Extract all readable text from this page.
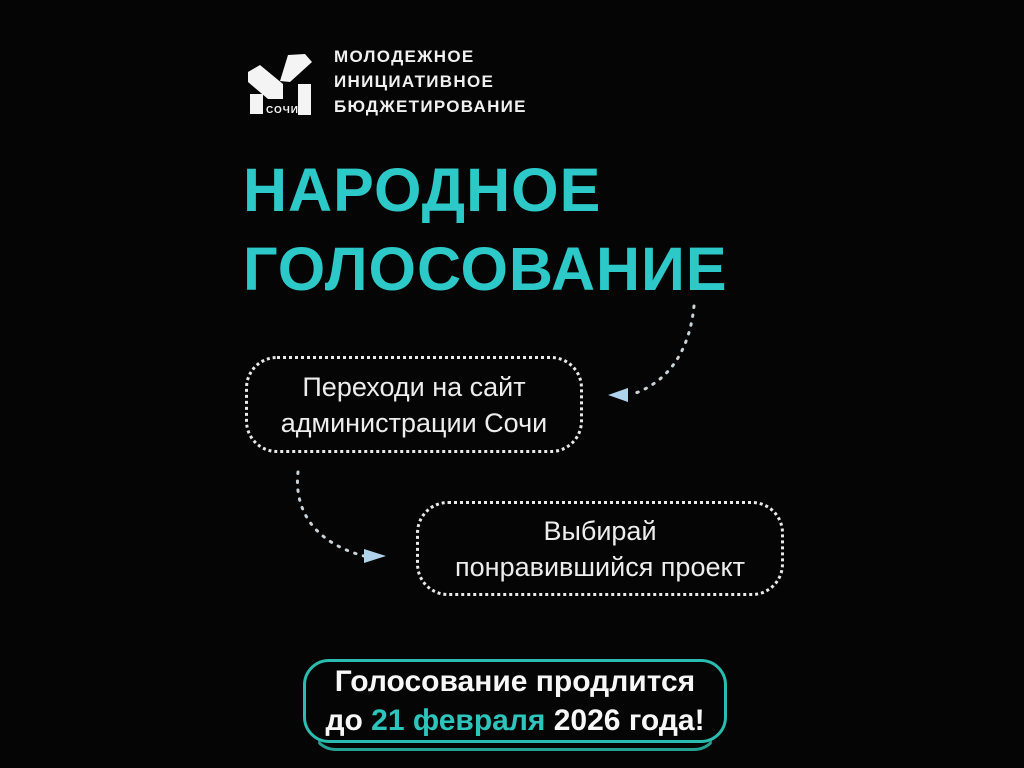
СОЧИ
МОЛОДЕЖНОЕ
ИНИЦИАТИВНОЕ
БЮДЖЕТИРОВАНИЕ
НАРОДНОЕ
ГОЛОСОВАНИЕ
Переходи на сайт
администрации Сочи
Выбирай
понравившийся проект
Голосование продлится
до 21 февраля 2026 года!
